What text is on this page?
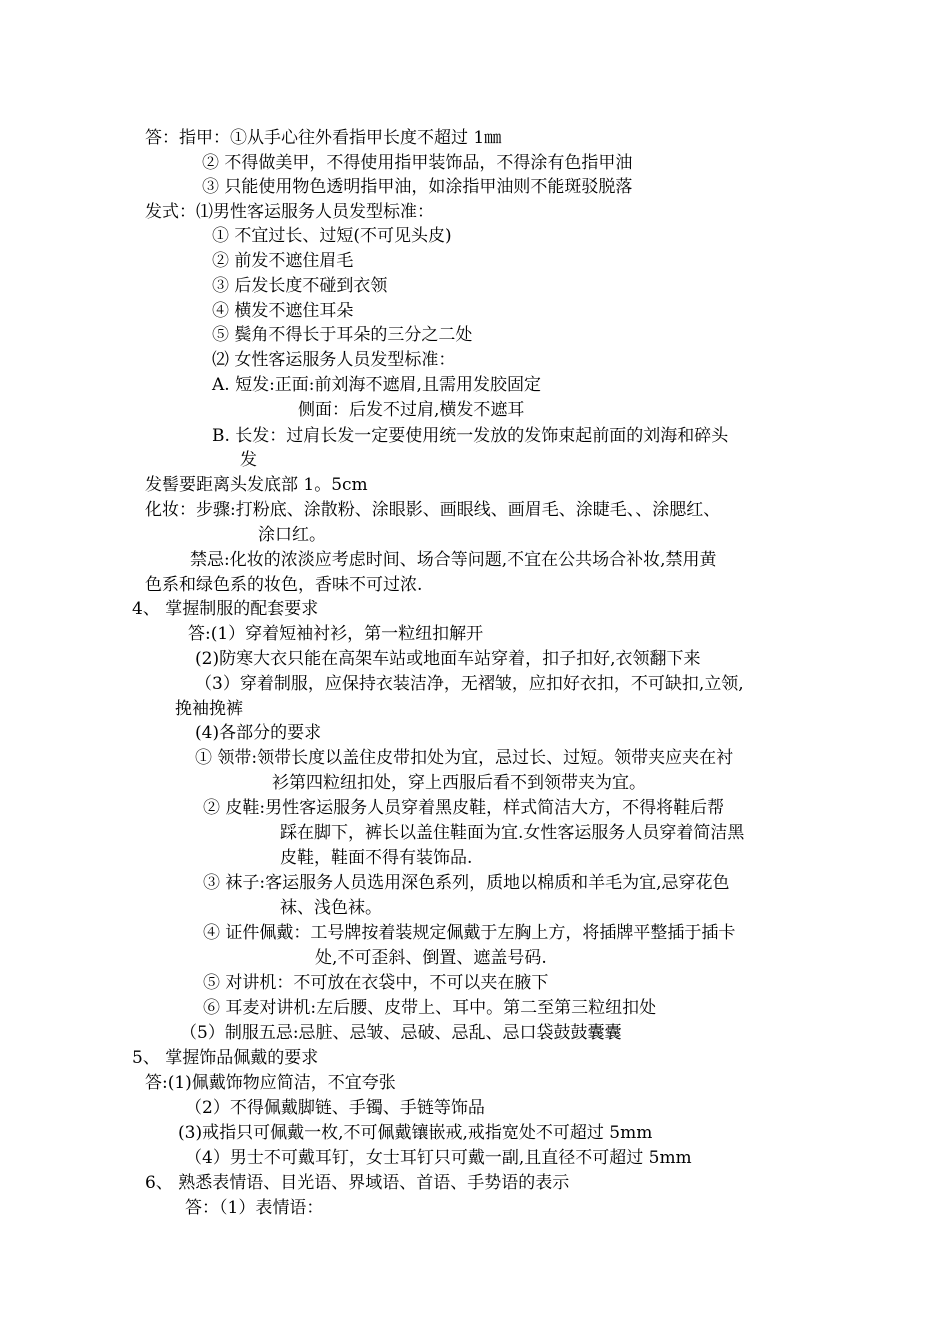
答：指甲：①从手心往外看指甲长度不超过 1㎜
② 不得做美甲，不得使用指甲装饰品，不得涂有色指甲油
③ 只能使用物色透明指甲油，如涂指甲油则不能斑驳脱落
发式：⑴男性客运服务人员发型标准：
① 不宜过长、过短(不可见头皮)
② 前发不遮住眉毛
③ 后发长度不碰到衣领
④ 横发不遮住耳朵
⑤ 鬓角不得长于耳朵的三分之二处
⑵ 女性客运服务人员发型标准：
A. 短发:正面:前刘海不遮眉,且需用发胶固定
侧面：后发不过肩,横发不遮耳
B. 长发：过肩长发一定要使用统一发放的发饰束起前面的刘海和碎头
发
发髻要距离头发底部 1。5cm
化妆：步骤:打粉底、涂散粉、涂眼影、画眼线、画眉毛、涂睫毛、、涂腮红、
涂口红。
禁忌:化妆的浓淡应考虑时间、场合等问题,不宜在公共场合补妆,禁用黄
色系和绿色系的妆色，香味不可过浓.
4、 掌握制服的配套要求
答:(1）穿着短袖衬衫，第一粒纽扣解开
(2)防寒大衣只能在高架车站或地面车站穿着，扣子扣好,衣领翻下来
（3）穿着制服，应保持衣装洁净，无褶皱，应扣好衣扣，不可缺扣,立领,
挽袖挽裤
(4)各部分的要求
① 领带:领带长度以盖住皮带扣处为宜，忌过长、过短。领带夹应夹在衬
衫第四粒纽扣处，穿上西服后看不到领带夹为宜。
② 皮鞋:男性客运服务人员穿着黑皮鞋，样式简洁大方，不得将鞋后帮
踩在脚下，裤长以盖住鞋面为宜.女性客运服务人员穿着简洁黑
皮鞋，鞋面不得有装饰品.
③ 袜子:客运服务人员选用深色系列，质地以棉质和羊毛为宜,忌穿花色
袜、浅色袜。
④ 证件佩戴：工号牌按着装规定佩戴于左胸上方，将插牌平整插于插卡
处,不可歪斜、倒置、遮盖号码.
⑤ 对讲机：不可放在衣袋中，不可以夹在腋下
⑥ 耳麦对讲机:左后腰、皮带上、耳中。第二至第三粒纽扣处
（5）制服五忌:忌脏、忌皱、忌破、忌乱、忌口袋鼓鼓囊囊
5、 掌握饰品佩戴的要求
答:(1)佩戴饰物应简洁，不宜夸张
（2）不得佩戴脚链、手镯、手链等饰品
(3)戒指只可佩戴一枚,不可佩戴镶嵌戒,戒指宽处不可超过 5mm
（4）男士不可戴耳钉，女士耳钉只可戴一副,且直径不可超过 5mm
6、 熟悉表情语、目光语、界域语、首语、手势语的表示
答：（1）表情语：
